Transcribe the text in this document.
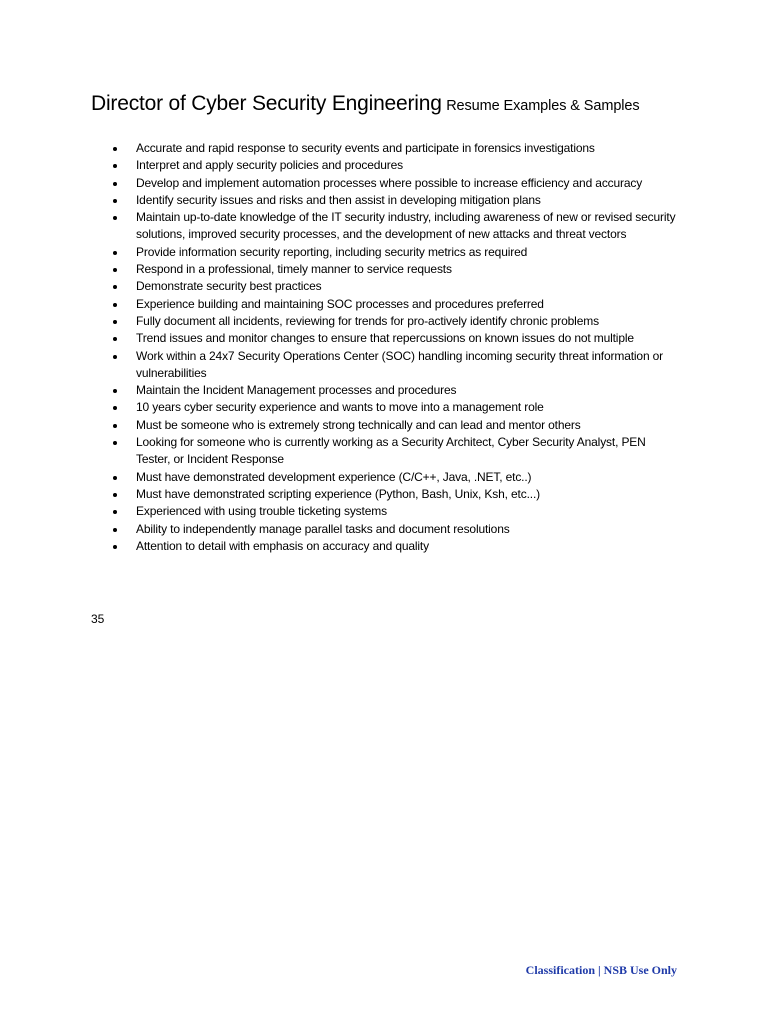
Director of Cyber Security Engineering Resume Examples & Samples
Accurate and rapid response to security events and participate in forensics investigations
Interpret and apply security policies and procedures
Develop and implement automation processes where possible to increase efficiency and accuracy
Identify security issues and risks and then assist in developing mitigation plans
Maintain up-to-date knowledge of the IT security industry, including awareness of new or revised security solutions, improved security processes, and the development of new attacks and threat vectors
Provide information security reporting, including security metrics as required
Respond in a professional, timely manner to service requests
Demonstrate security best practices
Experience building and maintaining SOC processes and procedures preferred
Fully document all incidents, reviewing for trends for pro-actively identify chronic problems
Trend issues and monitor changes to ensure that repercussions on known issues do not multiple
Work within a 24x7 Security Operations Center (SOC) handling incoming security threat information or vulnerabilities
Maintain the Incident Management processes and procedures
10 years cyber security experience and wants to move into a management role
Must be someone who is extremely strong technically and can lead and mentor others
Looking for someone who is currently working as a Security Architect, Cyber Security Analyst, PEN Tester, or Incident Response
Must have demonstrated development experience (C/C++, Java, .NET, etc..)
Must have demonstrated scripting experience (Python, Bash, Unix, Ksh, etc...)
Experienced with using trouble ticketing systems
Ability to independently manage parallel tasks and document resolutions
Attention to detail with emphasis on accuracy and quality
35
Classification | NSB Use Only
